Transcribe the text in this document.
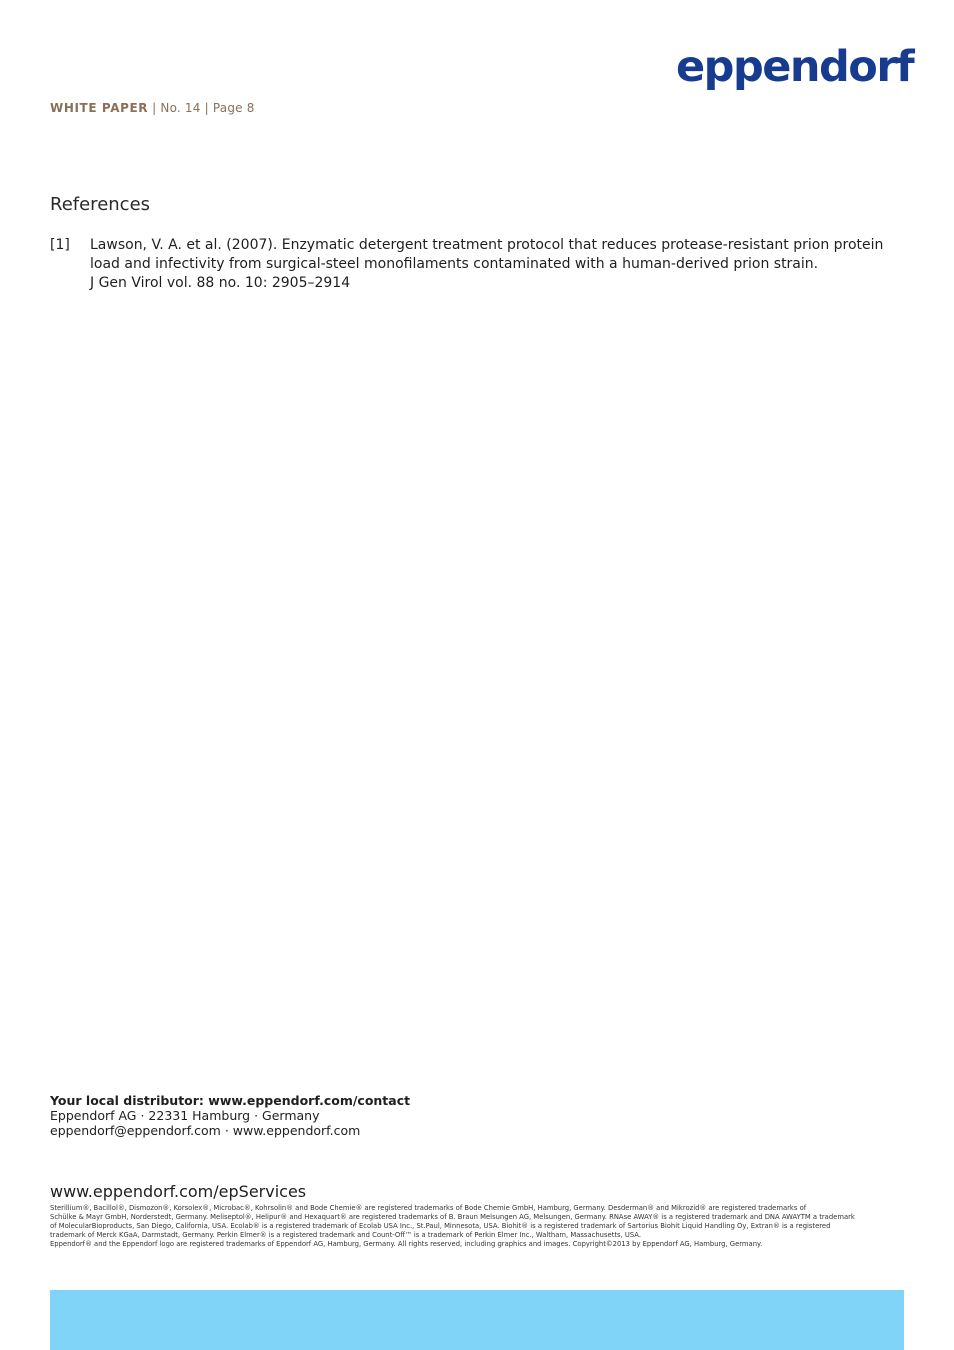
eppendorf
WHITE PAPER | No. 14 | Page 8
References
[1] Lawson, V. A. et al. (2007). Enzymatic detergent treatment protocol that reduces protease-resistant prion protein
load and infectivity from surgical-steel monofilaments contaminated with a human-derived prion strain.
J Gen Virol vol. 88 no. 10: 2905–2914
Your local distributor: www.eppendorf.com/contact
Eppendorf AG · 22331 Hamburg · Germany
eppendorf@eppendorf.com · www.eppendorf.com
www.eppendorf.com/epServices
Sterillium®, Bacillol®, Dismozon®, Korsolex®, Microbac®, Kohrsolin® and Bode Chemie® are registered trademarks of Bode Chemie GmbH, Hamburg, Germany. Desderman® and Mikrozid® are registered trademarks of
Schülke & Mayr GmbH, Norderstedt, Germany. Meliseptol®, Helipur® and Hexaquart® are registered trademarks of B. Braun Melsungen AG, Melsungen, Germany. RNAse AWAY® is a registered trademark and DNA AWAYTM a trademark
of MolecularBioproducts, San Diego, California, USA. Ecolab® is a registered trademark of Ecolab USA Inc., St.Paul, Minnesota, USA. Biohit® is a registered trademark of Sartorius Biohit Liquid Handling Oy, Extran® is a registered
trademark of Merck KGaA, Darmstadt, Germany. Perkin Elmer® is a registered trademark and Count-Off™ is a trademark of Perkin Elmer Inc., Waltham, Massachusetts, USA.
Eppendorf® and the Eppendorf logo are registered trademarks of Eppendorf AG, Hamburg, Germany. All rights reserved, including graphics and images. Copyright©2013 by Eppendorf AG, Hamburg, Germany.
